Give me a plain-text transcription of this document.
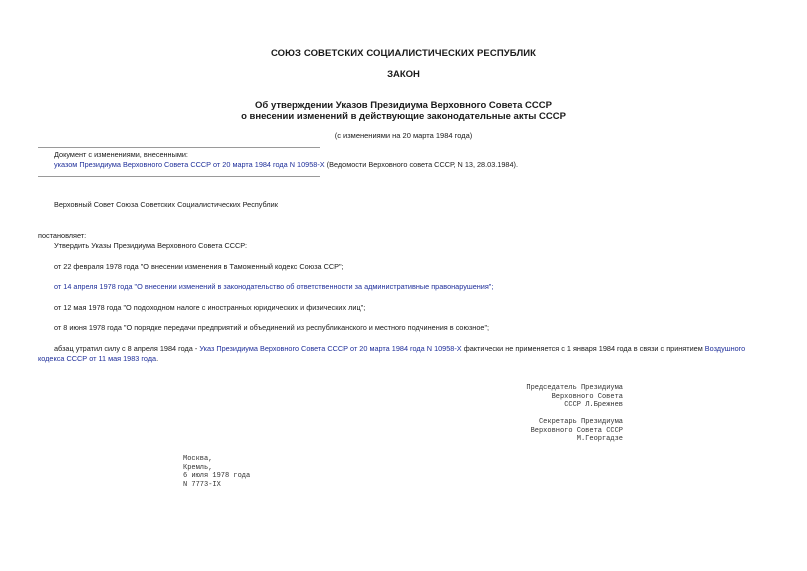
СОЮЗ СОВЕТСКИХ СОЦИАЛИСТИЧЕСКИХ РЕСПУБЛИК
ЗАКОН
Об утверждении Указов Президиума Верховного Совета СССР
о внесении изменений в действующие законодательные акты СССР
(с изменениями на 20 марта 1984 года)
Документ с изменениями, внесенными:
указом Президиума Верховного Совета СССР от 20 марта 1984 года N 10958-X (Ведомости Верховного совета СССР, N 13, 28.03.1984).
Верховный Совет Союза Советских Социалистических Республик
постановляет:
Утвердить Указы Президиума Верховного Совета СССР:
от 22 февраля 1978 года "О внесении изменения в Таможенный кодекс Союза ССР";
от 14 апреля 1978 года "О внесении изменений в законодательство об ответственности за административные правонарушения";
от 12 мая 1978 года "О подоходном налоге с иностранных юридических и физических лиц";
от 8 июня 1978 года "О порядке передачи предприятий и объединений из республиканского и местного подчинения в союзное";
абзац утратил силу с 8 апреля 1984 года - Указ Президиума Верховного Совета СССР от 20 марта 1984 года N 10958-X фактически не применяется с 1 января 1984 года в связи с принятием Воздушного
кодекса СССР от 11 мая 1983 года.
Председатель Президиума
Верховного Совета
СССР Л.Брежнев
Секретарь Президиума
Верховного Совета СССР
М.Георгадзе
Москва,
Кремль,
6 июля 1978 года
N 7773-IX
